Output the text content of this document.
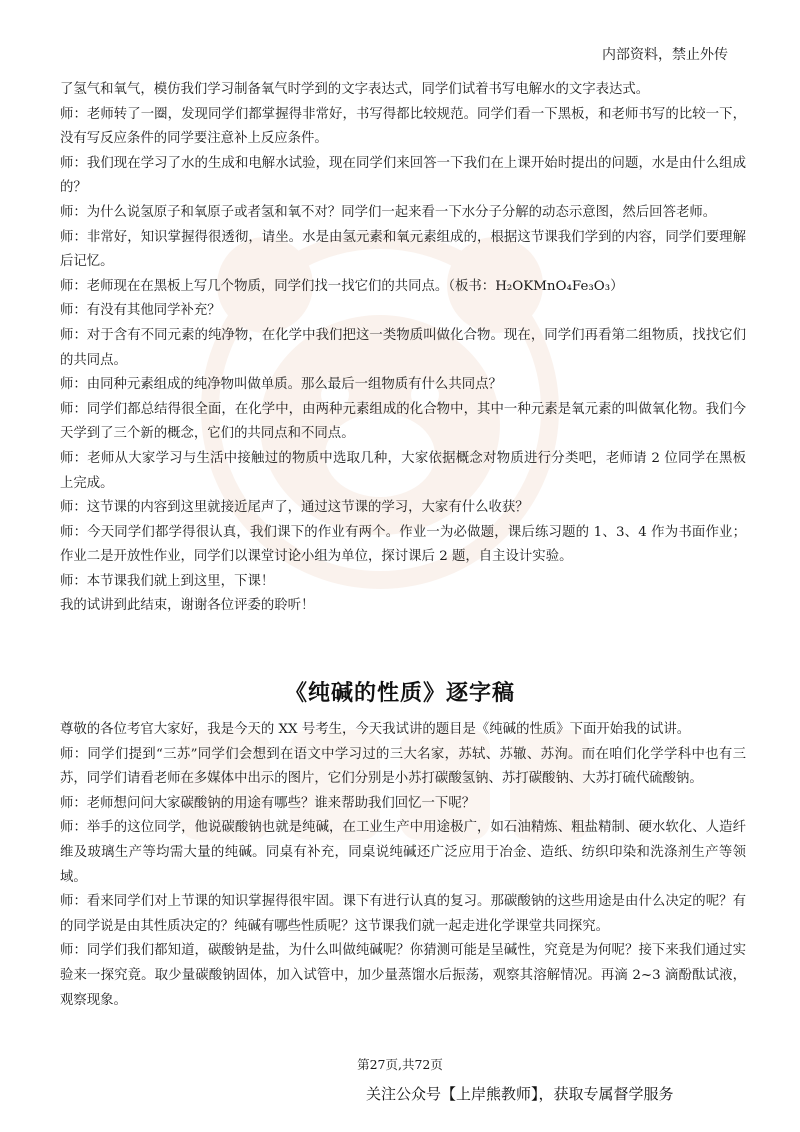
内部资料，禁止外传

了氢气和氧气，模仿我们学习制备氧气时学到的文字表达式，同学们试着书写电解水的文字表达式。

师：老师转了一圈，发现同学们都掌握得非常好，书写得都比较规范。同学们看一下黑板，和老师书写的比较一下，没有写反应条件的同学要注意补上反应条件。

师：我们现在学习了水的生成和电解水试验，现在同学们来回答一下我们在上课开始时提出的问题，水是由什么组成的？

师：为什么说氢原子和氧原子或者氢和氧不对？同学们一起来看一下水分子分解的动态示意图，然后回答老师。

师：非常好，知识掌握得很透彻，请坐。水是由氢元素和氧元素组成的，根据这节课我们学到的内容，同学们要理解后记忆。

师：老师现在在黑板上写几个物质，同学们找一找它们的共同点。（板书：H₂OKMnO₄Fe₃O₃）

师：有没有其他同学补充？

师：对于含有不同元素的纯净物，在化学中我们把这一类物质叫做化合物。现在，同学们再看第二组物质，找找它们的共同点。

师：由同种元素组成的纯净物叫做单质。那么最后一组物质有什么共同点？

师：同学们都总结得很全面，在化学中，由两种元素组成的化合物中，其中一种元素是氧元素的叫做氧化物。我们今天学到了三个新的概念，它们的共同点和不同点。

师：老师从大家学习与生活中接触过的物质中选取几种，大家依据概念对物质进行分类吧，老师请 2 位同学在黑板上完成。

师：这节课的内容到这里就接近尾声了，通过这节课的学习，大家有什么收获？

师：今天同学们都学得很认真，我们课下的作业有两个。作业一为必做题，课后练习题的 1、3、4 作为书面作业；作业二是开放性作业，同学们以课堂讨论小组为单位，探讨课后 2 题，自主设计实验。

师：本节课我们就上到这里，下课！

我的试讲到此结束，谢谢各位评委的聆听！

《纯碱的性质》逐字稿

尊敬的各位考官大家好，我是今天的 XX 号考生，今天我试讲的题目是《纯碱的性质》下面开始我的试讲。

师：同学们提到“三苏”同学们会想到在语文中学习过的三大名家，苏轼、苏辙、苏洵。而在咱们化学学科中也有三苏，同学们请看老师在多媒体中出示的图片，它们分别是小苏打碳酸氢钠、苏打碳酸钠、大苏打硫代硫酸钠。

师：老师想问问大家碳酸钠的用途有哪些？谁来帮助我们回忆一下呢？

师：举手的这位同学，他说碳酸钠也就是纯碱，在工业生产中用途极广，如石油精炼、粗盐精制、硬水软化、人造纤维及玻璃生产等均需大量的纯碱。同桌有补充，同桌说纯碱还广泛应用于冶金、造纸、纺织印染和洗涤剂生产等领域。

师：看来同学们对上节课的知识掌握得很牢固。课下有进行认真的复习。那碳酸钠的这些用途是由什么决定的呢？有的同学说是由其性质决定的？纯碱有哪些性质呢？这节课我们就一起走进化学课堂共同探究。

师：同学们我们都知道，碳酸钠是盐，为什么叫做纯碱呢？你猜测可能是呈碱性，究竟是为何呢？接下来我们通过实验来一探究竟。取少量碳酸钠固体，加入试管中，加少量蒸馏水后振荡，观察其溶解情况。再滴 2~3 滴酚酞试液，观察现象。

第27页,共72页
关注公众号【上岸熊教师】，获取专属督学服务
